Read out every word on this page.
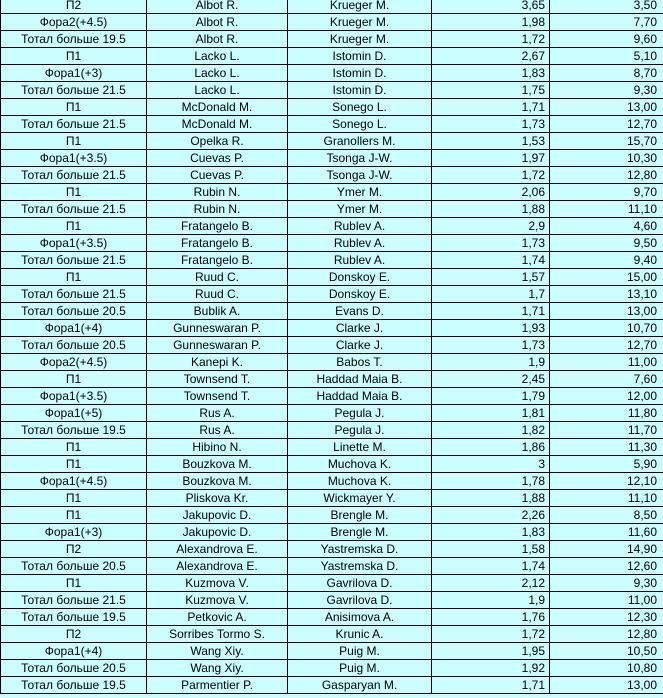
П2	Albot R.	Krueger M.	3,65	3,50
Фора2(+4.5)	Albot R.	Krueger M.	1,98	7,70
Тотал больше 19.5	Albot R.	Krueger M.	1,72	9,60
П1	Lacko L.	Istomin D.	2,67	5,10
Фора1(+3)	Lacko L.	Istomin D.	1,83	8,70
Тотал больше 21.5	Lacko L.	Istomin D.	1,75	9,30
П1	McDonald M.	Sonego L.	1,71	13,00
Тотал больше 21.5	McDonald M.	Sonego L.	1,73	12,70
П1	Opelka R.	Granollers M.	1,53	15,70
Фора1(+3.5)	Cuevas P.	Tsonga J-W.	1,97	10,30
Тотал больше 21.5	Cuevas P.	Tsonga J-W.	1,72	12,80
П1	Rubin N.	Ymer M.	2,06	9,70
Тотал больше 21.5	Rubin N.	Ymer M.	1,88	11,10
П1	Fratangelo B.	Rublev A.	2,9	4,60
Фора1(+3.5)	Fratangelo B.	Rublev A.	1,73	9,50
Тотал больше 21.5	Fratangelo B.	Rublev A.	1,74	9,40
П1	Ruud C.	Donskoy E.	1,57	15,00
Тотал больше 21.5	Ruud C.	Donskoy E.	1,7	13,10
Тотал больше 20.5	Bublik A.	Evans D.	1,71	13,00
Фора1(+4)	Gunneswaran P.	Clarke J.	1,93	10,70
Тотал больше 20.5	Gunneswaran P.	Clarke J.	1,73	12,70
Фора2(+4.5)	Kanepi K.	Babos T.	1,9	11,00
П1	Townsend T.	Haddad Maia B.	2,45	7,60
Фора1(+3.5)	Townsend T.	Haddad Maia B.	1,79	12,00
Фора1(+5)	Rus A.	Pegula J.	1,81	11,80
Тотал больше 19.5	Rus A.	Pegula J.	1,82	11,70
П1	Hibino N.	Linette M.	1,86	11,30
П1	Bouzkova M.	Muchova K.	3	5,90
Фора1(+4.5)	Bouzkova M.	Muchova K.	1,78	12,10
П1	Pliskova Kr.	Wickmayer Y.	1,88	11,10
П1	Jakupovic D.	Brengle M.	2,26	8,50
Фора1(+3)	Jakupovic D.	Brengle M.	1,83	11,60
П2	Alexandrova E.	Yastremska D.	1,58	14,90
Тотал больше 20.5	Alexandrova E.	Yastremska D.	1,74	12,60
П1	Kuzmova V.	Gavrilova D.	2,12	9,30
Тотал больше 21.5	Kuzmova V.	Gavrilova D.	1,9	11,00
Тотал больше 19.5	Petkovic A.	Anisimova A.	1,76	12,30
П2	Sorribes Tormo S.	Krunic A.	1,72	12,80
Фора1(+4)	Wang Xiy.	Puig M.	1,95	10,50
Тотал больше 20.5	Wang Xiy.	Puig M.	1,92	10,80
Тотал больше 19.5	Parmentier P.	Gasparyan M.	1,71	13,00
